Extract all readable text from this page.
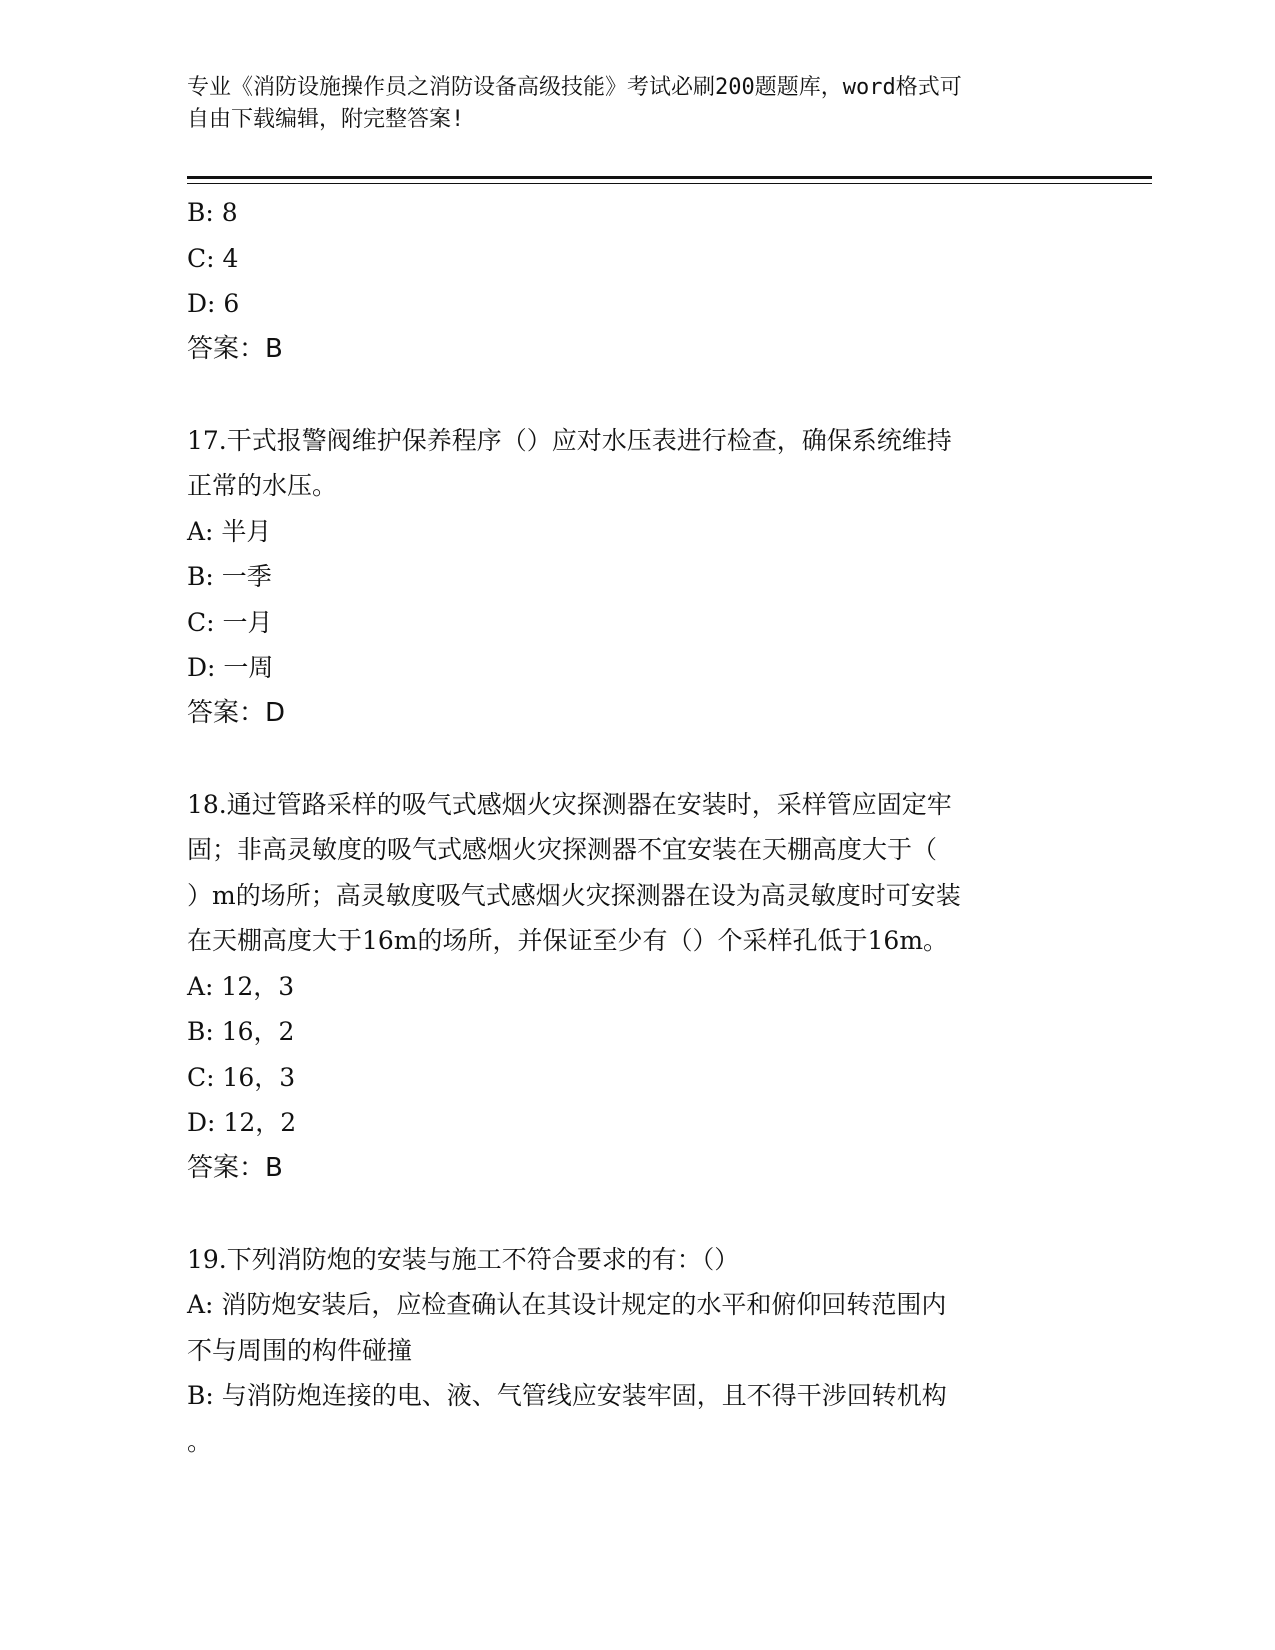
专业《消防设施操作员之消防设备高级技能》考试必刷200题题库，word格式可
自由下载编辑，附完整答案!
B: 8
C: 4
D: 6
答案：B
17.干式报警阀维护保养程序（）应对水压表进行检查，确保系统维持
正常的水压。
A: 半月
B: 一季
C: 一月
D: 一周
答案：D
18.通过管路采样的吸气式感烟火灾探测器在安装时，采样管应固定牢
固；非高灵敏度的吸气式感烟火灾探测器不宜安装在天棚高度大于（
）m的场所；高灵敏度吸气式感烟火灾探测器在设为高灵敏度时可安装
在天棚高度大于16m的场所，并保证至少有（）个采样孔低于16m。
A: 12，3
B: 16，2
C: 16，3
D: 12，2
答案：B
19.下列消防炮的安装与施工不符合要求的有：（）
A: 消防炮安装后，应检查确认在其设计规定的水平和俯仰回转范围内
不与周围的构件碰撞
B: 与消防炮连接的电、液、气管线应安装牢固，且不得干涉回转机构
。
